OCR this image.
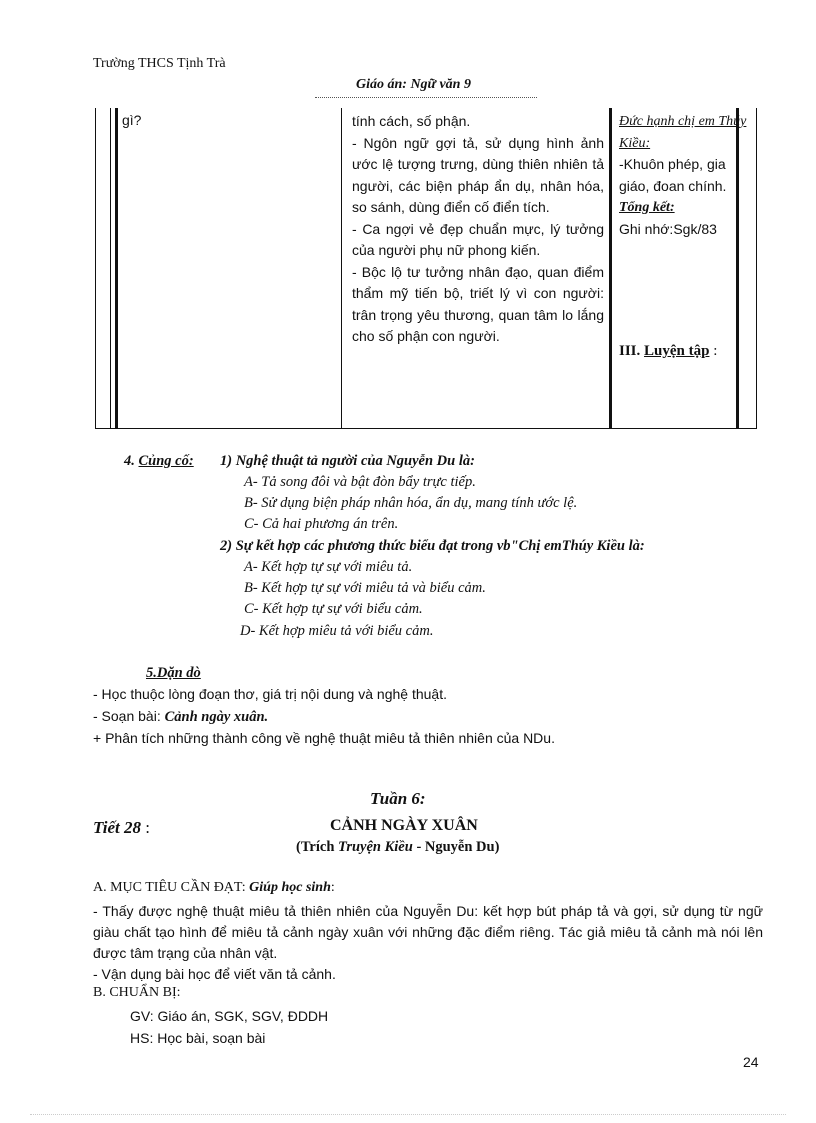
Trường THCS Tịnh Trà
Giáo án: Ngữ văn 9
gì?	tính cách, số phận.

- Ngôn ngữ gợi tả, sử dụng hình ảnh ước lệ tượng trưng, dùng thiên nhiên tả người, các biện pháp ẩn dụ, nhân hóa, so sánh, dùng điển cố điển tích.

- Ca ngợi vẻ đẹp chuẩn mực, lý tưởng của người phụ nữ phong kiến.

- Bộc lộ tư tưởng nhân đạo, quan điểm thẩm mỹ tiến bộ, triết lý vì con người: trân trọng yêu thương, quan tâm lo lắng cho số phận con người.

Đức hạnh chị em Thúy Kiều:
-Khuôn phép, gia giáo, đoan chính.
Tổng kết:
Ghi nhớ:Sgk/83
III. Luyện tập :
4. Củng cố: 1) Nghệ thuật tả người của Nguyễn Du là:
A- Tả song đôi và bật đòn bẩy trực tiếp.
B- Sử dụng biện pháp nhân hóa, ẩn dụ, mang tính ước lệ.
C- Cả hai phương án trên.
2) Sự kết hợp các phương thức biểu đạt trong vb"Chị emThúy Kiều là:
A- Kết hợp tự sự với miêu tả.
B- Kết hợp tự sự với miêu tả và biểu cảm.
C- Kết hợp tự sự với biểu cảm.
D- Kết hợp miêu tả với biểu cảm.
5.Dặn dò
- Học thuộc lòng đoạn thơ, giá trị nội dung và nghệ thuật.
- Soạn bài: Cảnh ngày xuân.
+ Phân tích những thành công về nghệ thuật miêu tả thiên nhiên của NDu.
Tuần 6:
Tiết 28 :	CẢNH NGÀY XUÂN
(Trích Truyện Kiều - Nguyễn Du)
A. MỤC TIÊU CẦN ĐẠT: Giúp học sinh:
- Thấy được nghệ thuật miêu tả thiên nhiên của Nguyễn Du: kết hợp bút pháp tả và gợi, sử dụng từ ngữ giàu chất tạo hình để miêu tả cảnh ngày xuân với những đặc điểm riêng. Tác giả miêu tả cảnh mà nói lên được tâm trạng của nhân vật.
- Vận dụng bài học để viết văn tả cảnh.
B. CHUẨN BỊ:
GV: Giáo án, SGK, SGV, ĐDDH
HS: Học bài, soạn bài
24
